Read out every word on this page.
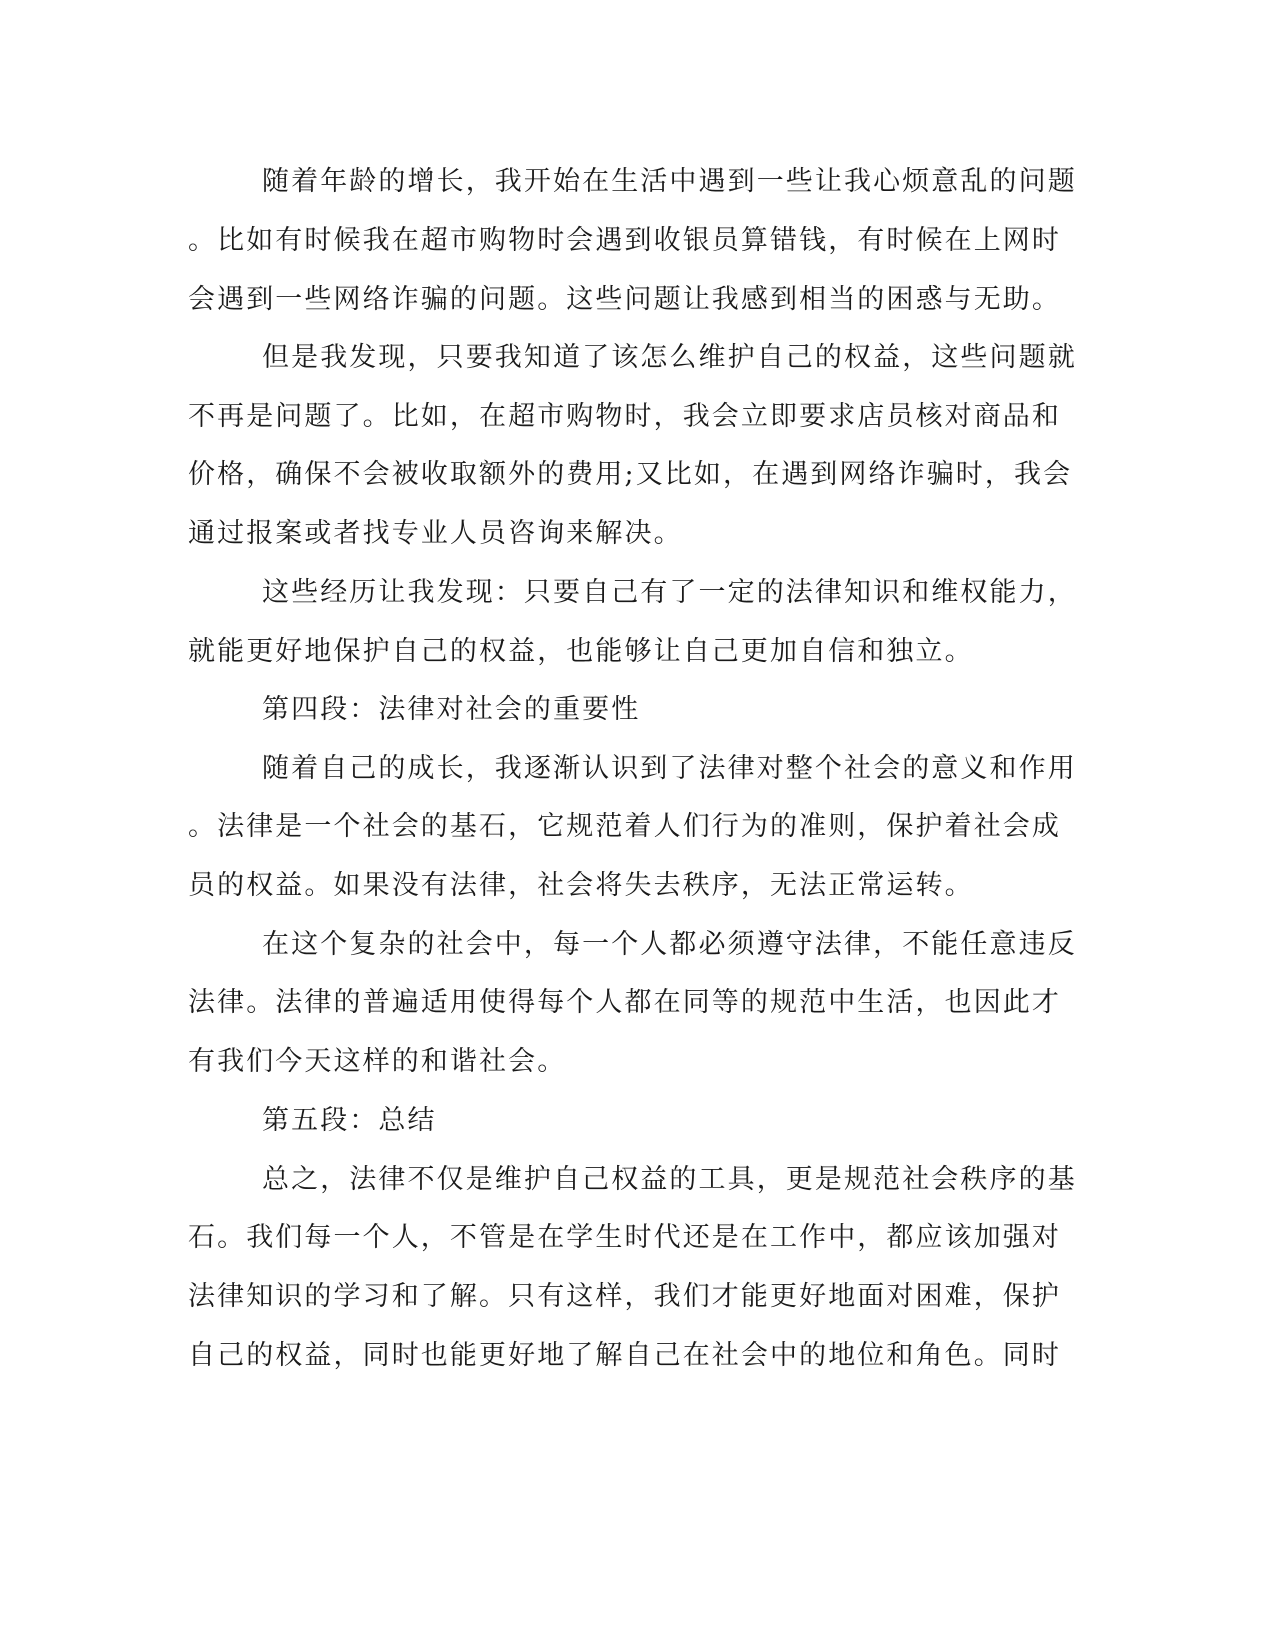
随着年龄的增长，我开始在生活中遇到一些让我心烦意乱的问题
。比如有时候我在超市购物时会遇到收银员算错钱，有时候在上网时
会遇到一些网络诈骗的问题。这些问题让我感到相当的困惑与无助。
但是我发现，只要我知道了该怎么维护自己的权益，这些问题就
不再是问题了。比如，在超市购物时，我会立即要求店员核对商品和
价格，确保不会被收取额外的费用;又比如，在遇到网络诈骗时，我会
通过报案或者找专业人员咨询来解决。
这些经历让我发现：只要自己有了一定的法律知识和维权能力，
就能更好地保护自己的权益，也能够让自己更加自信和独立。
第四段：法律对社会的重要性
随着自己的成长，我逐渐认识到了法律对整个社会的意义和作用
。法律是一个社会的基石，它规范着人们行为的准则，保护着社会成
员的权益。如果没有法律，社会将失去秩序，无法正常运转。
在这个复杂的社会中，每一个人都必须遵守法律，不能任意违反
法律。法律的普遍适用使得每个人都在同等的规范中生活，也因此才
有我们今天这样的和谐社会。
第五段：总结
总之，法律不仅是维护自己权益的工具，更是规范社会秩序的基
石。我们每一个人，不管是在学生时代还是在工作中，都应该加强对
法律知识的学习和了解。只有这样，我们才能更好地面对困难，保护
自己的权益，同时也能更好地了解自己在社会中的地位和角色。同时
